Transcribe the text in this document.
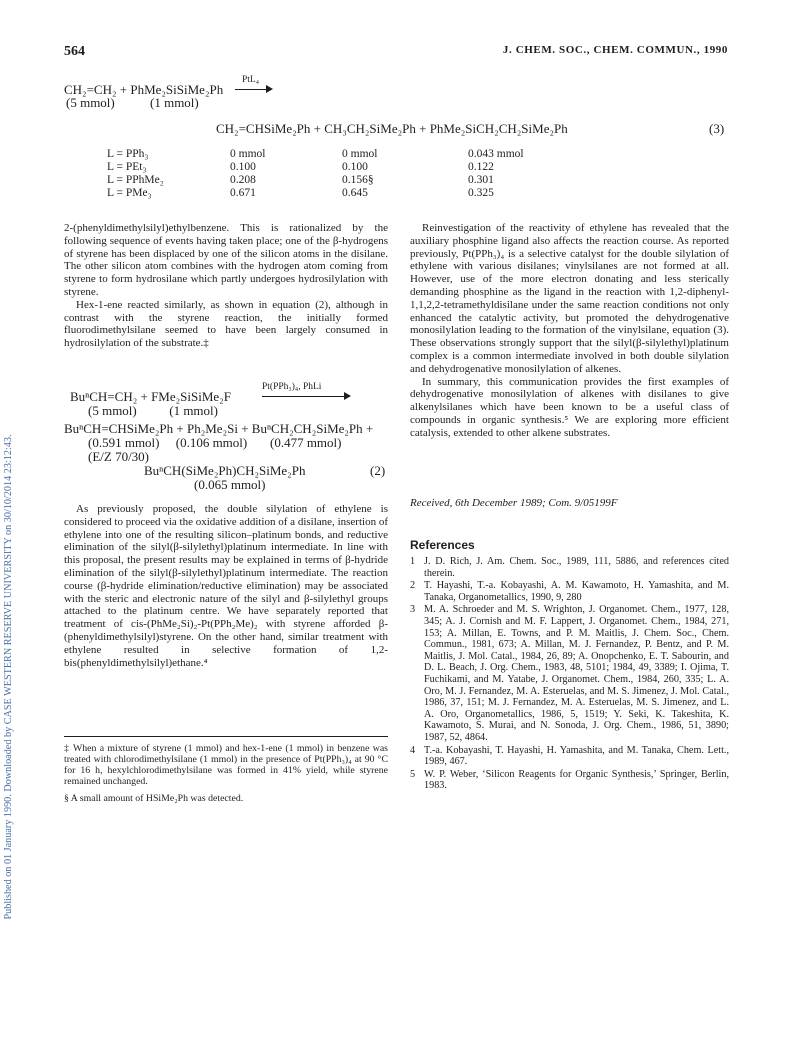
Published on 01 January 1990. Downloaded by CASE WESTERN RESERVE UNIVERSITY on 30/10/2014 23:12:43.
564	J. CHEM. SOC., CHEM. COMMUN., 1990
CH₂=CH₂ + PhMe₂SiSiMe₂Ph
PtL₄
(5 mmol)	(1 mmol)
CH₂=CHSiMe₂Ph + CH₃CH₂SiMe₂Ph + PhMe₂SiCH₂CH₂SiMe₂Ph	(3)
L = PPh₃	0 mmol	0 mmol	0.043 mmol
L = PEt₃	0.100	0.100	0.122
L = PPhMe₂	0.208	0.156§	0.301
L = PMe₃	0.671	0.645	0.325

2-(phenyldimethylsilyl)ethylbenzene. This is rationalized by the following sequence of events having taken place; one of the β-hydrogens of styrene has been displaced by one of the silicon atoms in the disilane. The other silicon atom combines with the hydrogen atom coming from styrene to form hydrosilane which partly undergoes hydrosilylation with styrene.

Hex-1-ene reacted similarly, as shown in equation (2), although in contrast with the styrene reaction, the initially formed fluorodimethylsilane seemed to have been largely consumed in hydrosilylation of the substrate.‡

BuⁿCH=CH₂ + FMe₂SiSiMe₂F
Pt(PPh₃)₄, PhLi
(5 mmol)          (1 mmol)
BuⁿCH=CHSiMe₂Ph + Ph₂Me₂Si + BuⁿCH₂CH₂SiMe₂Ph +
(0.591 mmol)     (0.106 mmol)       (0.477 mmol)
(E/Z 70/30)
BuⁿCH(SiMe₂Ph)CH₂SiMe₂Ph	(2)
(0.065 mmol)

As previously proposed, the double silylation of ethylene is considered to proceed via the oxidative addition of a disilane, insertion of ethylene into one of the resulting silicon–platinum bonds, and reductive elimination of the silyl(β-silylethyl)platinum intermediate. In line with this proposal, the present results may be explained in terms of β-hydride elimination of the silyl(β-silylethyl)platinum intermediate. The reaction course (β-hydride elimination/reductive elimination) may be associated with the steric and electronic nature of the silyl and β-silylethyl groups attached to the platinum centre. We have separately reported that treatment of cis-(PhMe₂Si)₂-Pt(PPh₂Me)₂ with styrene afforded β-(phenyldimethylsilyl)styrene. On the other hand, similar treatment with ethylene resulted in selective formation of 1,2-bis(phenyldimethylsilyl)ethane.⁴

Reinvestigation of the reactivity of ethylene has revealed that the auxiliary phosphine ligand also affects the reaction course. As reported previously, Pt(PPh₃)₄ is a selective catalyst for the double silylation of ethylene with various disilanes; vinylsilanes are not formed at all. However, use of the more electron donating and less sterically demanding phosphine as the ligand in the reaction with 1,2-diphenyl-1,1,2,2-tetramethyldisilane under the same reaction conditions not only enhanced the catalytic activity, but promoted the dehydrogenative monosilylation leading to the formation of the vinylsilane, equation (3). These observations strongly support that the silyl(β-silylethyl)platinum complex is a common intermediate involved in both double silylation and dehydrogenative monosilylation of alkenes.

In summary, this communication provides the first examples of dehydrogenative monosilylation of alkenes with disilanes to give alkenylsilanes which have been known to be a useful class of compounds in organic synthesis.⁵ We are exploring more efficient catalysis, extended to other alkene substrates.

Received, 6th December 1989; Com. 9/05199F
References
1 J. D. Rich, J. Am. Chem. Soc., 1989, 111, 5886, and references cited therein.
2 T. Hayashi, T.-a. Kobayashi, A. M. Kawamoto, H. Yamashita, and M. Tanaka, Organometallics, 1990, 9, 280
3 M. A. Schroeder and M. S. Wrighton, J. Organomet. Chem., 1977, 128, 345; A. J. Cornish and M. F. Lappert, J. Organomet. Chem., 1984, 271, 153; A. Millan, E. Towns, and P. M. Maitlis, J. Chem. Soc., Chem. Commun., 1981, 673; A. Millan, M. J. Fernandez, P. Bentz, and P. M. Maitlis, J. Mol. Catal., 1984, 26, 89; A. Onopchenko, E. T. Sabourin, and D. L. Beach, J. Org. Chem., 1983, 48, 5101; 1984, 49, 3389; I. Ojima, T. Fuchikami, and M. Yatabe, J. Organomet. Chem., 1984, 260, 335; L. A. Oro, M. J. Fernandez, M. A. Esteruelas, and M. S. Jimenez, J. Mol. Catal., 1986, 37, 151; M. J. Fernandez, M. A. Esteruelas, M. S. Jimenez, and L. A. Oro, Organometallics, 1986, 5, 1519; Y. Seki, K. Takeshita, K. Kawamoto, S. Murai, and N. Sonoda, J. Org. Chem., 1986, 51, 3890; 1987, 52, 4864.
4 T.-a. Kobayashi, T. Hayashi, H. Yamashita, and M. Tanaka, Chem. Lett., 1989, 467.
5 W. P. Weber, ‘Silicon Reagents for Organic Synthesis,’ Springer, Berlin, 1983.

‡ When a mixture of styrene (1 mmol) and hex-1-ene (1 mmol) in benzene was treated with chlorodimethylsilane (1 mmol) in the presence of Pt(PPh₃)₄ at 90 °C for 16 h, hexylchlorodimethylsilane was formed in 41% yield, while styrene remained unchanged.

§ A small amount of HSiMe₂Ph was detected.
